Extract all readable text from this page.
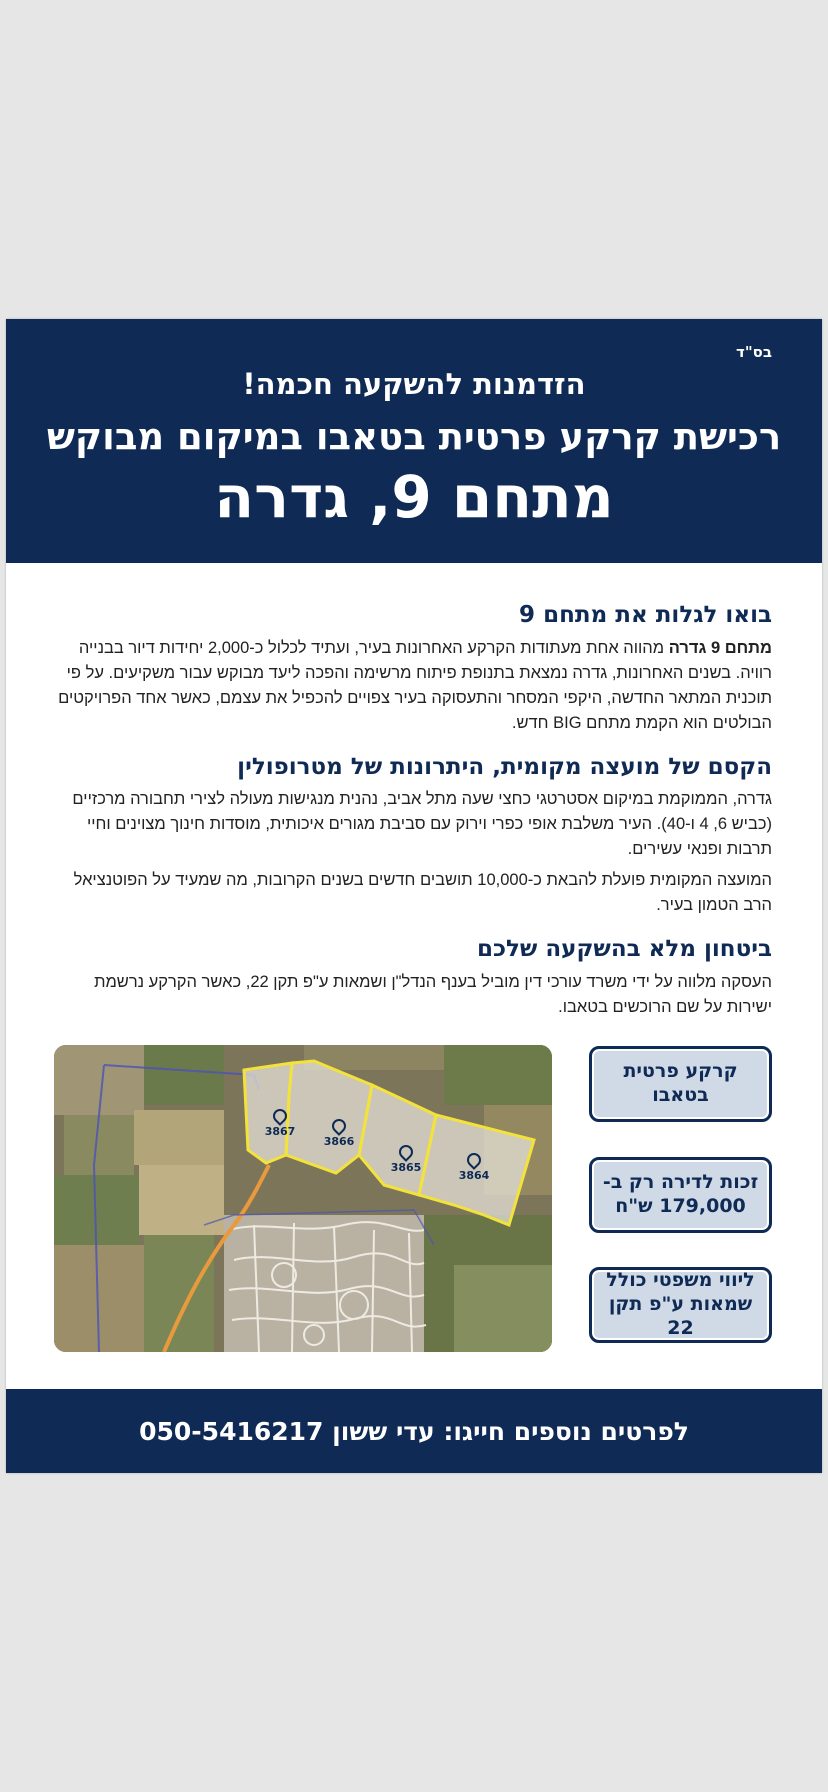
בס"ד
הזדמנות להשקעה חכמה!
רכישת קרקע פרטית בטאבו במיקום מבוקש
מתחם 9, גדרה
בואו לגלות את מתחם 9

מתחם 9 גדרה מהווה אחת מעתודות הקרקע האחרונות בעיר, ועתיד לכלול כ-2,000 יחידות דיור בבנייה רוויה. בשנים האחרונות, גדרה נמצאת בתנופת פיתוח מרשימה והפכה ליעד מבוקש עבור משקיעים. על פי תוכנית המתאר החדשה, היקפי המסחר והתעסוקה בעיר צפויים להכפיל את עצמם, כאשר אחד הפרויקטים הבולטים הוא הקמת מתחם BIG חדש.

הקסם של מועצה מקומית, היתרונות של מטרופולין

גדרה, הממוקמת במיקום אסטרטגי כחצי שעה מתל אביב, נהנית מנגישות מעולה לצירי תחבורה מרכזיים (כביש 6, 4 ו-40). העיר משלבת אופי כפרי וירוק עם סביבת מגורים איכותית, מוסדות חינוך מצוינים וחיי תרבות ופנאי עשירים.

המועצה המקומית פועלת להבאת כ-10,000 תושבים חדשים בשנים הקרובות, מה שמעיד על הפוטנציאל הרב הטמון בעיר.

ביטחון מלא בהשקעה שלכם

העסקה מלווה על ידי משרד עורכי דין מוביל בענף הנדל"ן ושמאות ע"פ תקן 22, כאשר הקרקע נרשמת ישירות על שם הרוכשים בטאבו.

3867
3866
3865
3864
קרקע פרטית
בטאבו
זכות לדירה רק ב-
179,000 ש"ח
ליווי משפטי כולל
שמאות ע"פ תקן 22
לפרטים נוספים חייגו: עדי ששון 050-5416217
